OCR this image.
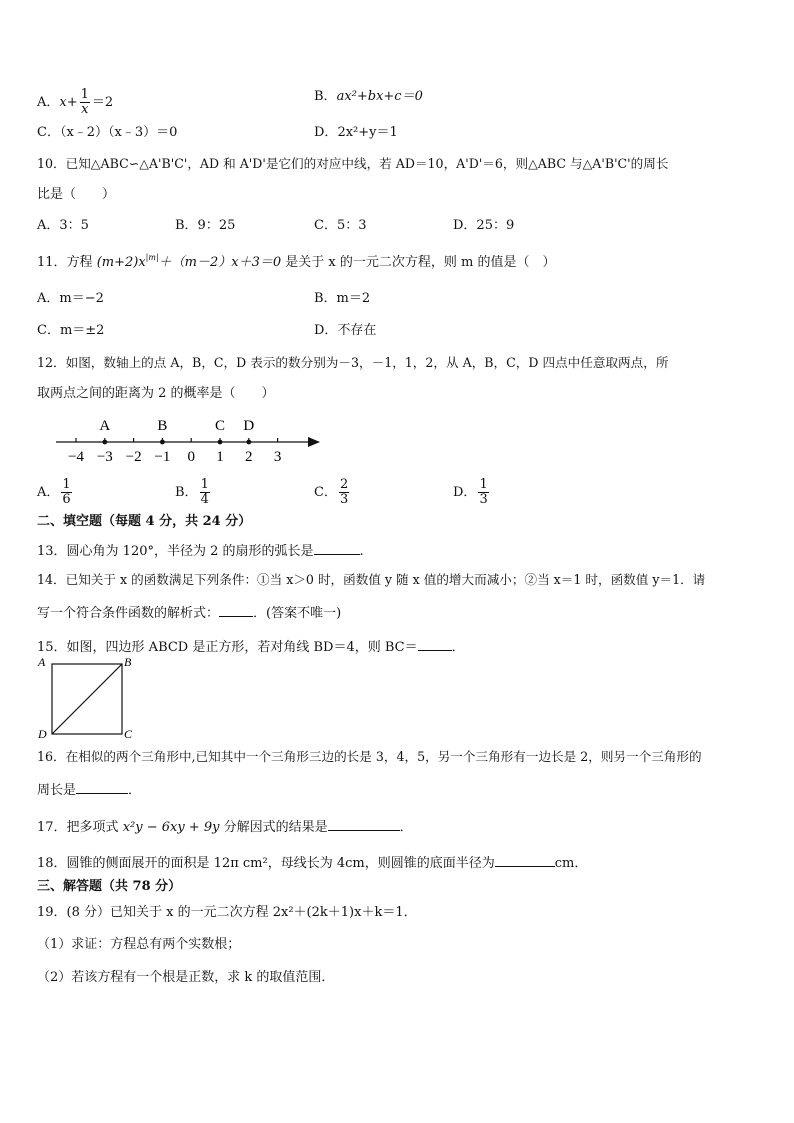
A．$x+ \frac{1}{x} =2$	B．ax²+bx+c＝0
C．（x﹣2）（x﹣3）＝0	D．2x²+y＝1
10．已知△ABC∽△A'B'C'，AD 和 A'D'是它们的对应中线，若 AD＝10，A'D'＝6，则△ABC 与△A'B'C'的周长
比是（　　）
A．3：5	B．9：25	C．5：3	D．25：9
11．方程 $(m+2)x^{|m|}+(m-2)x+3=0$ 是关于 x 的一元二次方程，则 m 的值是（　）
A．m＝−2	B．m＝2
C．m＝±2	D．不存在
12．如图，数轴上的点 A，B，C，D 表示的数分别为－3，－1，1，2，从 A，B，C，D 四点中任意取两点，所
取两点之间的距离为 2 的概率是（　　）
−4 −3 −2 −1 0 1 2 3
A	B	C D
A． $\frac{1}{6}$	B． $\frac{1}{4}$	C． $\frac{2}{3}$	D． $\frac{1}{3}$
二、填空题（每题 4 分，共 24 分）
13．圆心角为 120°，半径为 2 的扇形的弧长是	.
14．已知关于 x 的函数满足下列条件：①当 x＞0 时，函数值 y 随 x 值的增大而减小；②当 x＝1 时，函数值 y＝1．请
写一个符合条件函数的解析式：	．(答案不唯一)
15．如图，四边形 ABCD 是正方形，若对角线 BD＝4，则 BC＝	．
A	B
C
D
16．在相似的两个三角形中,已知其中一个三角形三边的长是 3，4，5，另一个三角形有一边长是 2，则另一个三角形的
周长是	．
17．把多项式 x²y − 6xy + 9y 分解因式的结果是	．
18．圆锥的侧面展开的面积是 12π cm²，母线长为 4cm，则圆锥的底面半径为	cm．
三、解答题（共 78 分）
19．(8 分）已知关于 x 的一元二次方程 2x²＋(2k＋1)x＋k＝1．
（1）求证：方程总有两个实数根；
（2）若该方程有一个根是正数，求 k 的取值范围．
